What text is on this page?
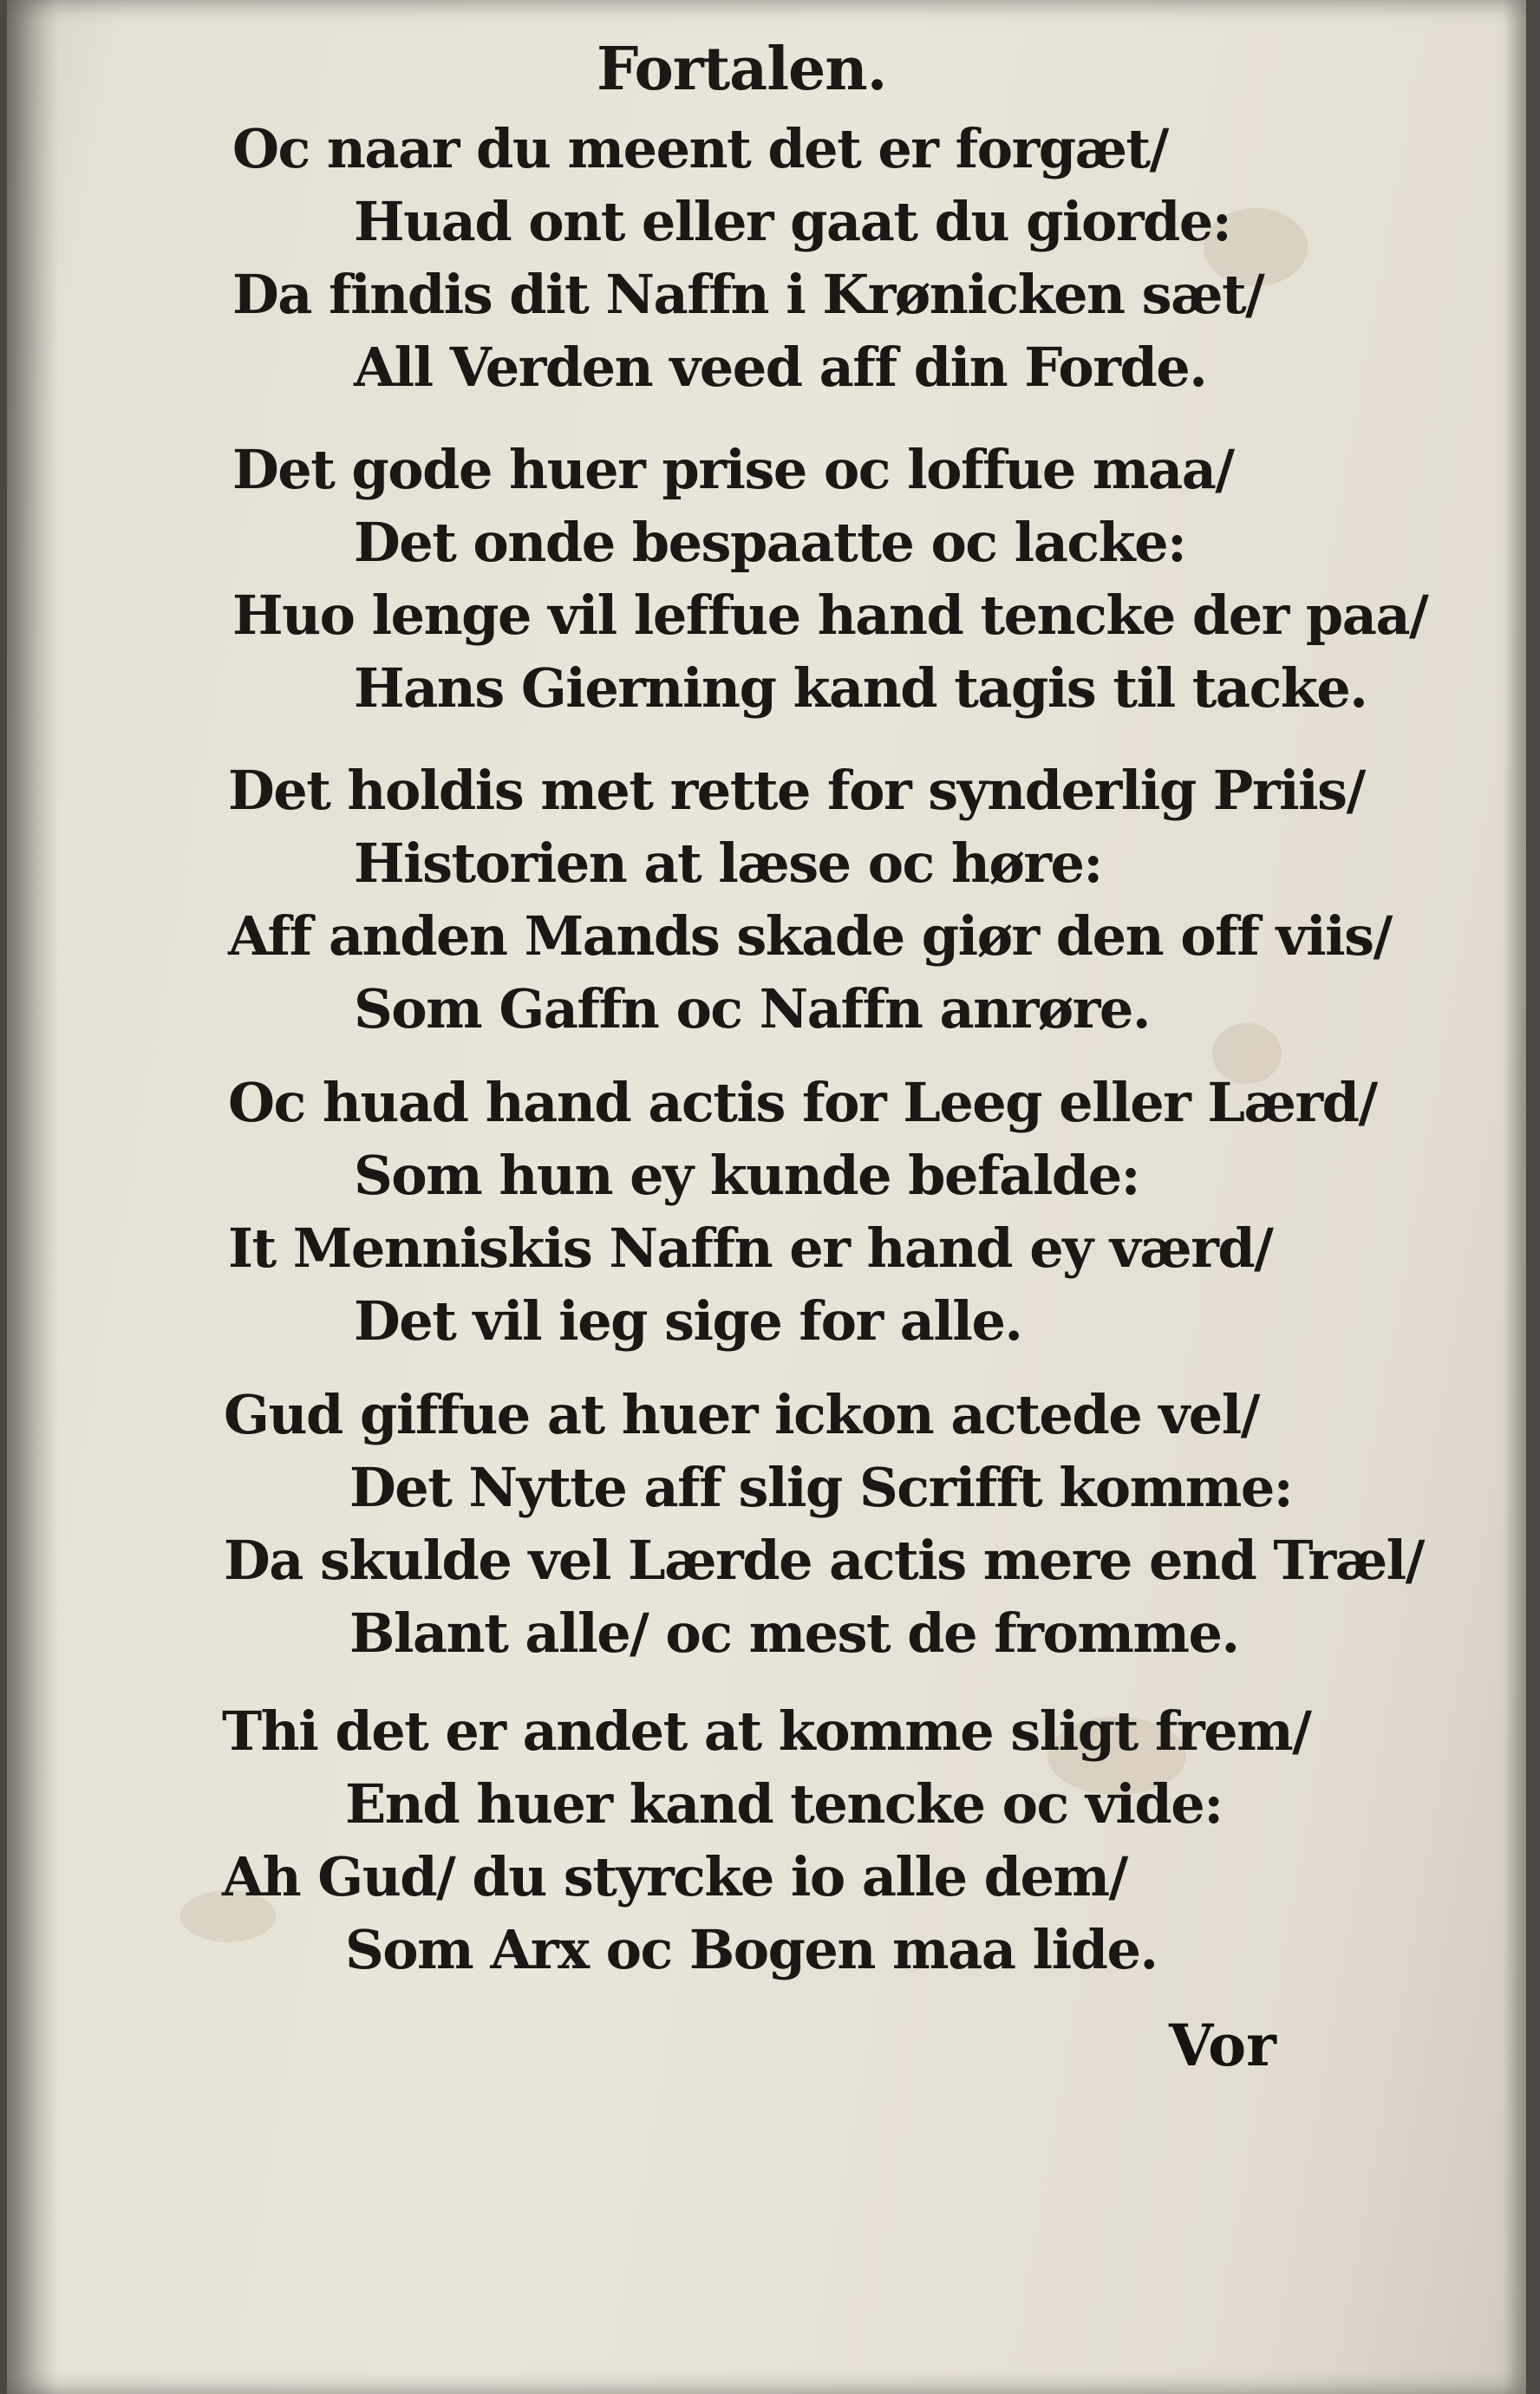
Fortalen.
Oc naar du meent det er forgæt/
Huad ont eller gaat du giorde:
Da findis dit Naffn i Krønicken sæt/
All Verden veed aff din Forde.
Det gode huer prise oc loffue maa/
Det onde bespaatte oc lacke:
Huo lenge vil leffue hand tencke der paa/
Hans Gierning kand tagis til tacke.
Det holdis met rette for synderlig Priis/
Historien at læse oc høre:
Aff anden Mands skade giør den off viis/
Som Gaffn oc Naffn anrøre.
Oc huad hand actis for Leeg eller Lærd/
Som hun ey kunde befalde:
It Menniskis Naffn er hand ey værd/
Det vil ieg sige for alle.
Gud giffue at huer ickon actede vel/
Det Nytte aff slig Scrifft komme:
Da skulde vel Lærde actis mere end Træl/
Blant alle/ oc mest de fromme.
Thi det er andet at komme sligt frem/
End huer kand tencke oc vide:
Ah Gud/ du styrcke io alle dem/
Som Arx oc Bogen maa lide.
Vor
